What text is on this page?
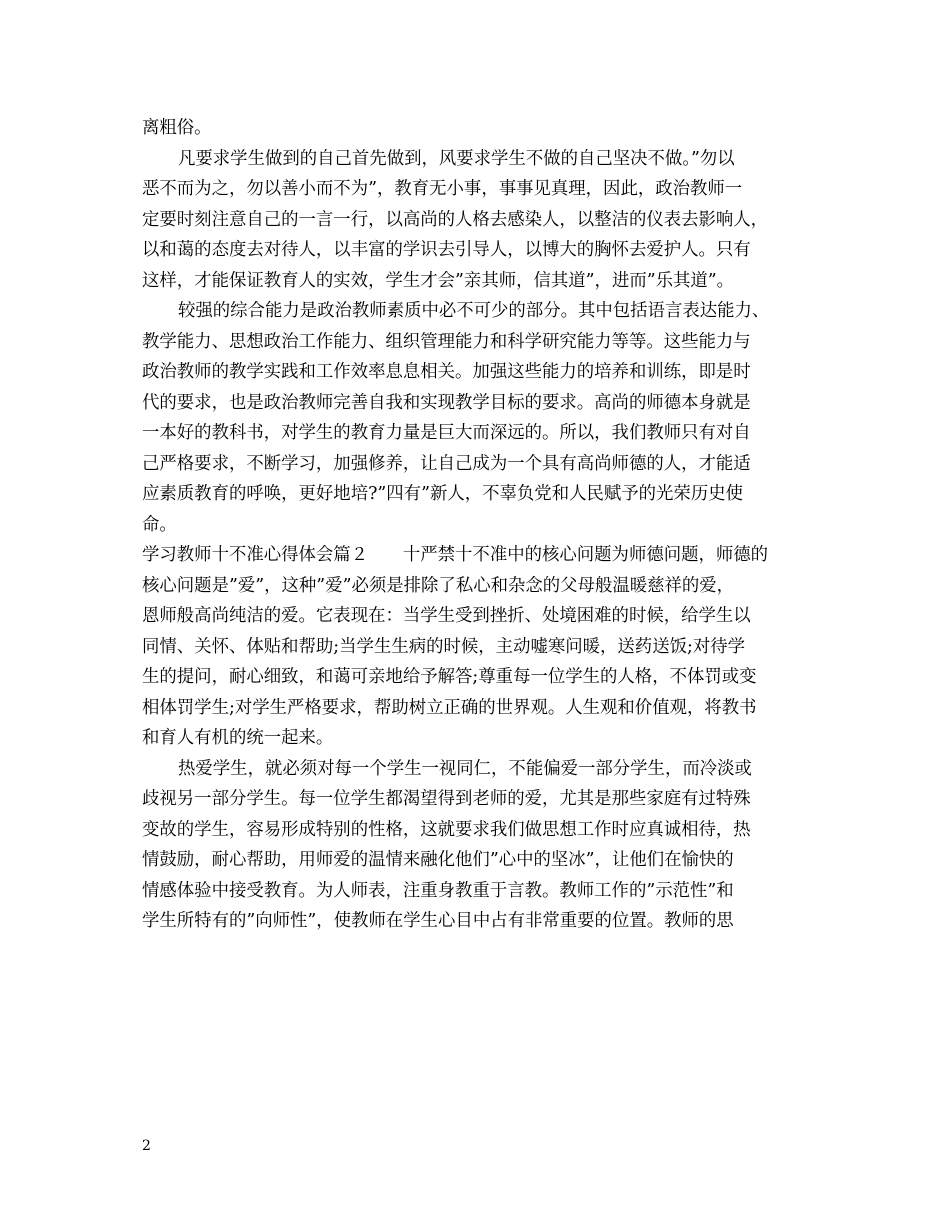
离粗俗。
凡要求学生做到的自己首先做到，风要求学生不做的自己坚决不做。”勿以
恶不而为之，勿以善小而不为”，教育无小事，事事见真理，因此，政治教师一
定要时刻注意自己的一言一行，以高尚的人格去感染人，以整洁的仪表去影响人，
以和蔼的态度去对待人，以丰富的学识去引导人，以博大的胸怀去爱护人。只有
这样，才能保证教育人的实效，学生才会”亲其师，信其道”，进而”乐其道”。
较强的综合能力是政治教师素质中必不可少的部分。其中包括语言表达能力、
教学能力、思想政治工作能力、组织管理能力和科学研究能力等等。这些能力与
政治教师的教学实践和工作效率息息相关。加强这些能力的培养和训练，即是时
代的要求，也是政治教师完善自我和实现教学目标的要求。高尚的师德本身就是
一本好的教科书，对学生的教育力量是巨大而深远的。所以，我们教师只有对自
己严格要求，不断学习，加强修养，让自己成为一个具有高尚师德的人，才能适
应素质教育的呼唤，更好地培?”四有”新人，不辜负党和人民赋予的光荣历史使
命。
学习教师十不准心得体会篇２　　十严禁十不准中的核心问题为师德问题，师德的
核心问题是”爱”，这种”爱”必须是排除了私心和杂念的父母般温暖慈祥的爱，
恩师般高尚纯洁的爱。它表现在：当学生受到挫折、处境困难的时候，给学生以
同情、关怀、体贴和帮助;当学生生病的时候，主动嘘寒问暖，送药送饭;对待学
生的提问，耐心细致，和蔼可亲地给予解答;尊重每一位学生的人格，不体罚或变
相体罚学生;对学生严格要求，帮助树立正确的世界观。人生观和价值观，将教书
和育人有机的统一起来。
热爱学生，就必须对每一个学生一视同仁，不能偏爱一部分学生，而冷淡或
歧视另一部分学生。每一位学生都渴望得到老师的爱，尤其是那些家庭有过特殊
变故的学生，容易形成特别的性格，这就要求我们做思想工作时应真诚相待，热
情鼓励，耐心帮助，用师爱的温情来融化他们”心中的坚冰”，让他们在愉快的
情感体验中接受教育。为人师表，注重身教重于言教。教师工作的”示范性”和
学生所特有的”向师性”，使教师在学生心目中占有非常重要的位置。教师的思
2
